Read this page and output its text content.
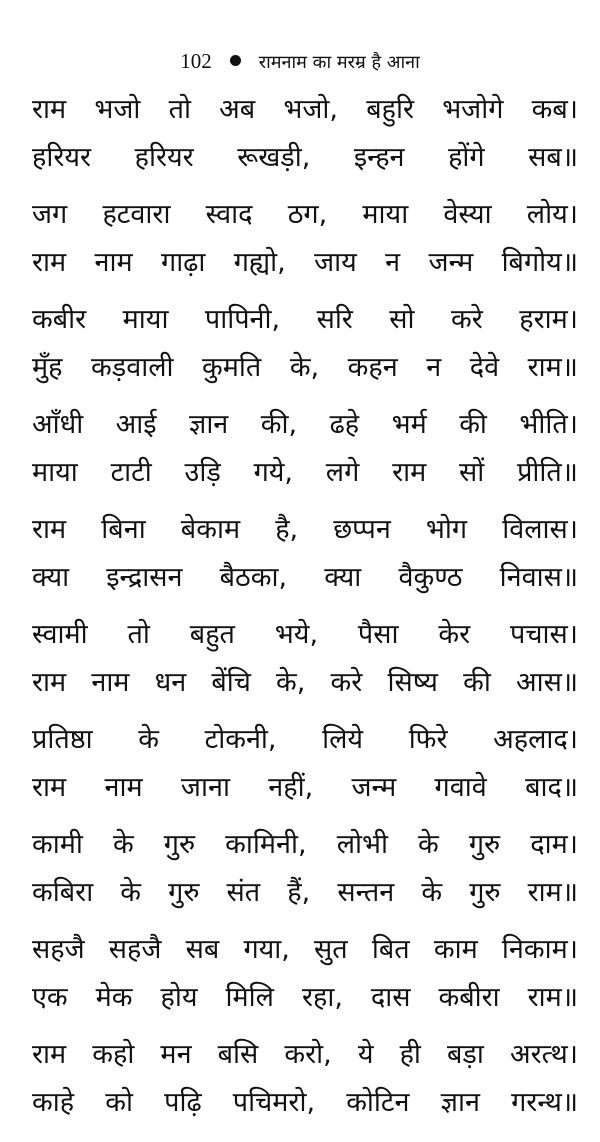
102	रामनाम का मरम्र है आना
राम भजो तो अब भजो, बहुरि भजोगे कब।
हरियर हरियर रूखड़ी, इन्हन होंगे सब॥
जग हटवारा स्वाद ठग, माया वेस्या लोय।
राम नाम गाढ़ा गह्यो, जाय न जन्म बिगोय॥
कबीर माया पापिनी, सरि सो करे हराम।
मुँह कड़वाली कुमति के, कहन न देवे राम॥
आँधी आई ज्ञान की, ढहे भर्म की भीति।
माया टाटी उड़ि गये, लगे राम सों प्रीति॥
राम बिना बेकाम है, छप्पन भोग विलास।
क्या इन्द्रासन बैठका, क्या वैकुण्ठ निवास॥
स्वामी तो बहुत भये, पैसा केर पचास।
राम नाम धन बेंचि के, करे सिष्य की आस॥
प्रतिष्ठा के टोकनी, लिये फिरे अहलाद।
राम नाम जाना नहीं, जन्म गवावे बाद॥
कामी के गुरु कामिनी, लोभी के गुरु दाम।
कबिरा के गुरु संत हैं, सन्तन के गुरु राम॥
सहजै सहजै सब गया, सुत बित काम निकाम।
एक मेक होय मिलि रहा, दास कबीरा राम॥
राम कहो मन बसि करो, ये ही बड़ा अरत्थ।
काहे को पढ़ि पचिमरो, कोटिन ज्ञान गरन्थ॥
